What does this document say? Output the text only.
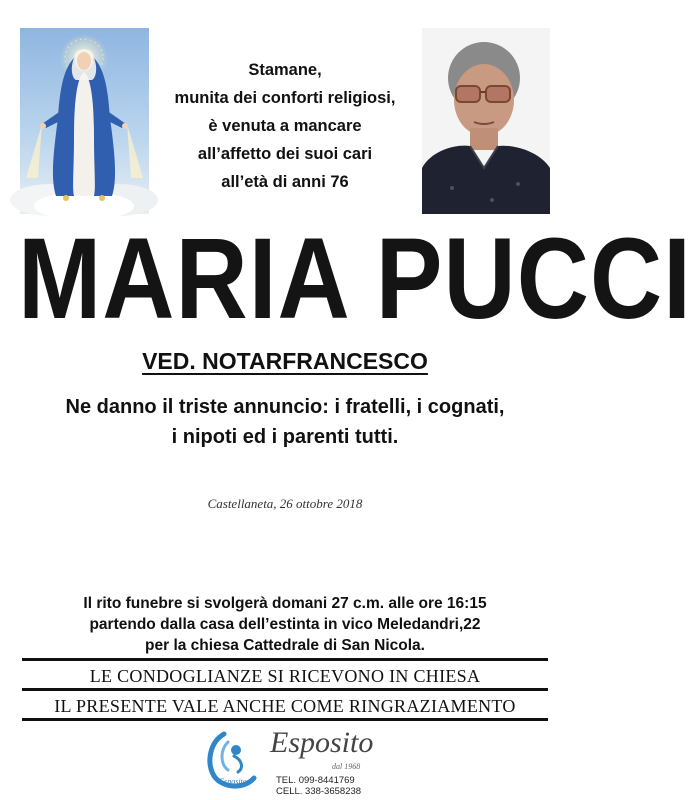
Stamane,
munita dei conforti religiosi,
è venuta a mancare
all’affetto dei suoi cari
all’età di anni 76
MARIA PUCCI
VED. NOTARFRANCESCO
Ne danno il triste annuncio: i fratelli, i cognati,
i nipoti ed i parenti tutti.
Castellaneta, 26 ottobre 2018
Il rito funebre si svolgerà domani 27 c.m. alle ore 16:15
partendo dalla casa dell’estinta in vico Meledandri,22
per la chiesa Cattedrale di San Nicola.
LE CONDOGLIANZE SI RICEVONO IN CHIESA
IL PRESENTE VALE ANCHE COME RINGRAZIAMENTO
Esposito
Esposito
dal 1968
TEL. 099-8441769
CELL. 338-3658238
